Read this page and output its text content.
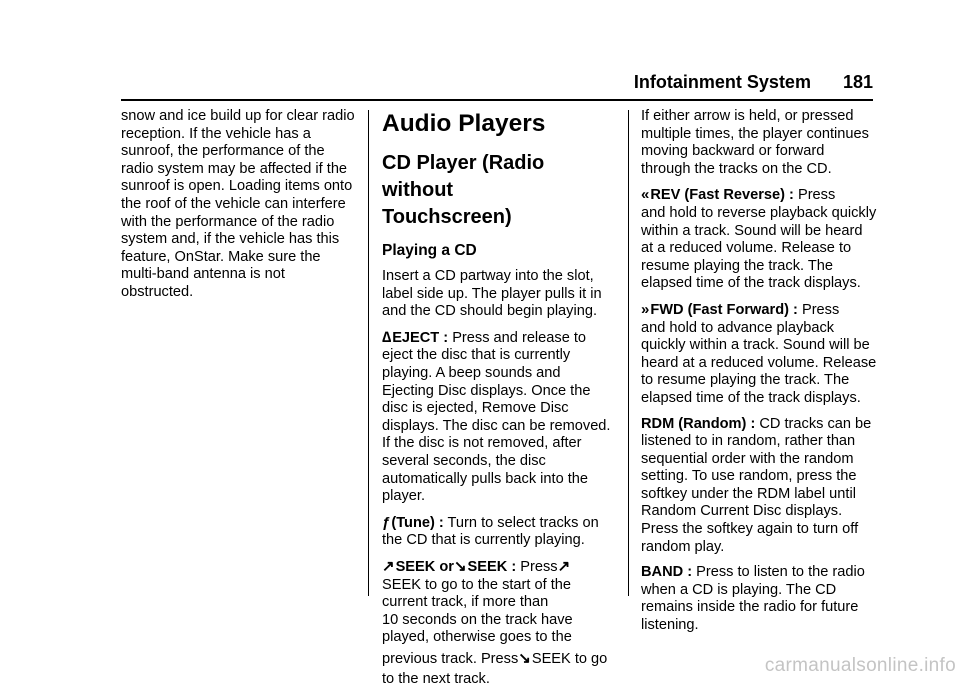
Infotainment System 181

snow and ice build up for clear radio

reception. If the vehicle has a

sunroof, the performance of the

radio system may be affected if the

sunroof is open. Loading items onto

the roof of the vehicle can interfere

with the performance of the radio

system and, if the vehicle has this

feature, OnStar. Make sure the

multi-band antenna is not

obstructed.

Audio Players
CD Player (Radio without
Touchscreen)
Playing a CD

Insert a CD partway into the slot,

label side up. The player pulls it in

and the CD should begin playing.

∆EJECT : Press and release to

eject the disc that is currently

playing. A beep sounds and

Ejecting Disc displays. Once the

disc is ejected, Remove Disc

displays. The disc can be removed.

If the disc is not removed, after

several seconds, the disc

automatically pulls back into the

player.

ƒ(Tune) : Turn to select tracks on

the CD that is currently playing.

↗SEEK or↘SEEK : Press↗

SEEK to go to the start of the

current track, if more than

10 seconds on the track have

played, otherwise goes to the

previous track. Press↘SEEK to go

to the next track.

If either arrow is held, or pressed

multiple times, the player continues

moving backward or forward

through the tracks on the CD.

«REV (Fast Reverse) : Press

and hold to reverse playback quickly

within a track. Sound will be heard

at a reduced volume. Release to

resume playing the track. The

elapsed time of the track displays.

»FWD (Fast Forward) : Press

and hold to advance playback

quickly within a track. Sound will be

heard at a reduced volume. Release

to resume playing the track. The

elapsed time of the track displays.

RDM (Random) : CD tracks can be

listened to in random, rather than

sequential order with the random

setting. To use random, press the

softkey under the RDM label until

Random Current Disc displays.

Press the softkey again to turn off

random play.

BAND : Press to listen to the radio

when a CD is playing. The CD

remains inside the radio for future

listening.

carmanualsonline.info
